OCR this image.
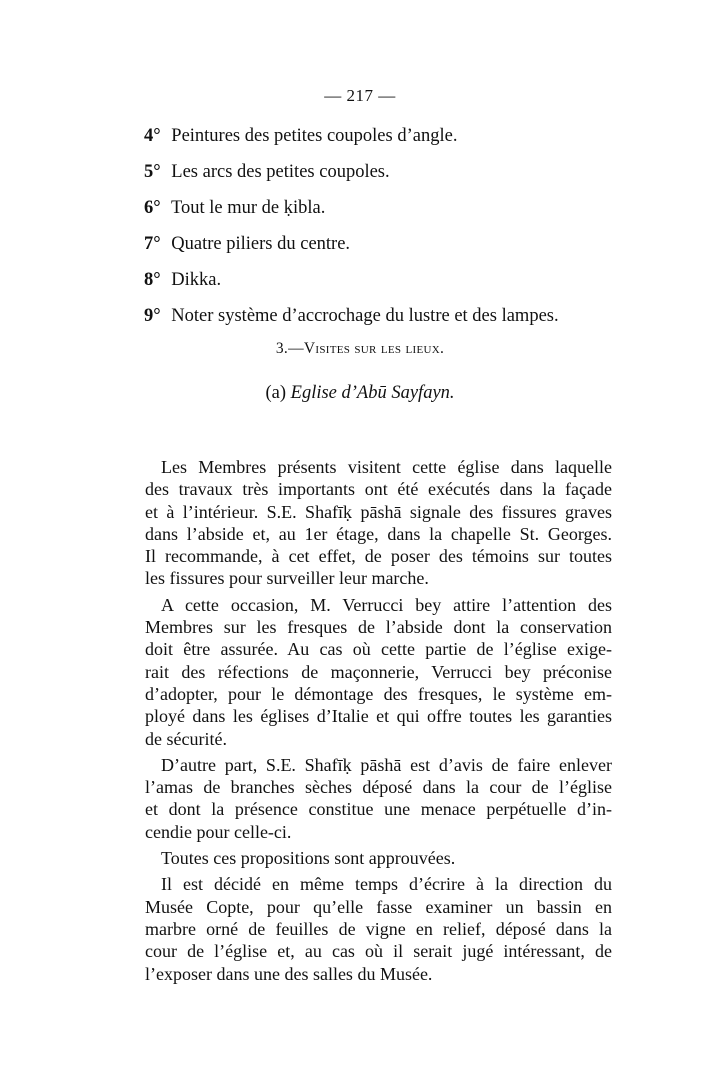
— 217 —
4° Peintures des petites coupoles d’angle.
5° Les arcs des petites coupoles.
6° Tout le mur de ḳibla.
7° Quatre piliers du centre.
8° Dikka.
9° Noter système d’accrochage du lustre et des lampes.
3.—Visites sur les lieux.
(a) Eglise d’Abū Sayfayn.

Les Membres présents visitent cette église dans laquelle
des travaux très importants ont été exécutés dans la façade
et à l’intérieur. S.E. Shafīḳ pāshā signale des fissures graves
dans l’abside et, au 1er étage, dans la chapelle St. Georges.
Il recommande, à cet effet, de poser des témoins sur toutes
les fissures pour surveiller leur marche.

A cette occasion, M. Verrucci bey attire l’attention des
Membres sur les fresques de l’abside dont la conservation
doit être assurée. Au cas où cette partie de l’église exige-
rait des réfections de maçonnerie, Verrucci bey préconise
d’adopter, pour le démontage des fresques, le système em-
ployé dans les églises d’Italie et qui offre toutes les garanties
de sécurité.

D’autre part, S.E. Shafīḳ pāshā est d’avis de faire enlever
l’amas de branches sèches déposé dans la cour de l’église
et dont la présence constitue une menace perpétuelle d’in-
cendie pour celle-ci.

Toutes ces propositions sont approuvées.

Il est décidé en même temps d’écrire à la direction du
Musée Copte, pour qu’elle fasse examiner un bassin en
marbre orné de feuilles de vigne en relief, déposé dans la
cour de l’église et, au cas où il serait jugé intéressant, de
l’exposer dans une des salles du Musée.
